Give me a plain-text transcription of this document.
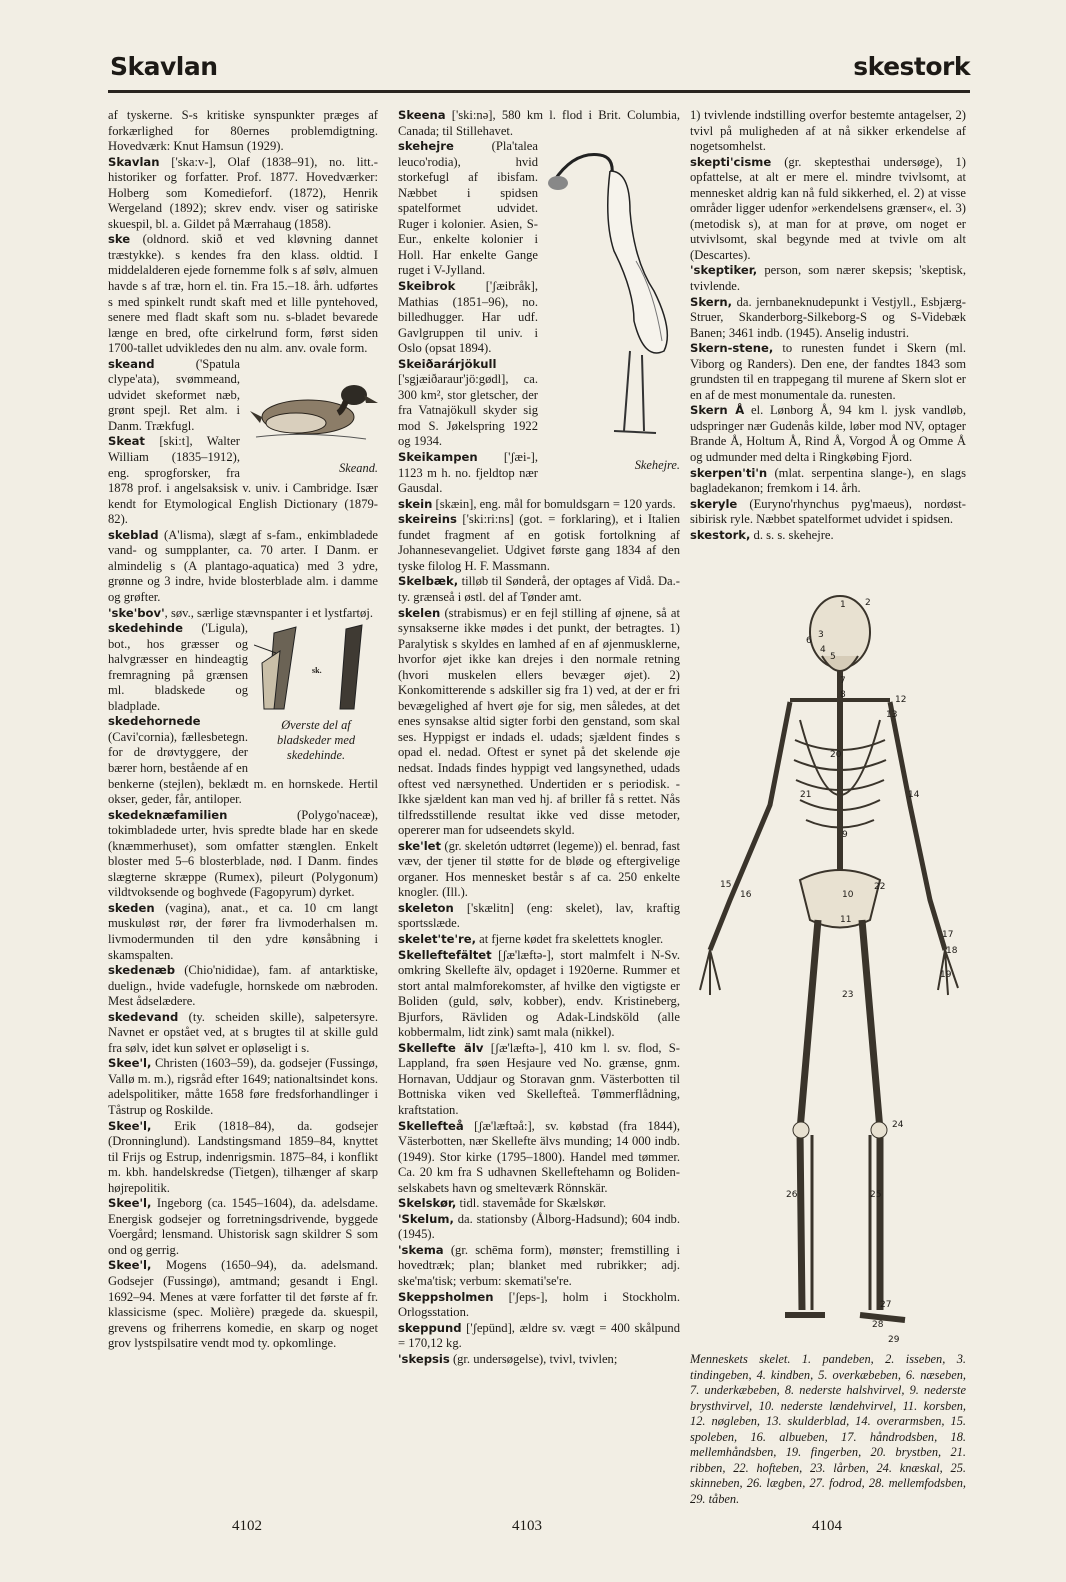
Skavlan	skestork

af tyskerne. S-s kritiske synspunkter præges af forkærlighed for 80ernes problemdigtning. Hovedværk: Knut Hamsun (1929).

Skavlan ['ska:v-], Olaf (1838–91), no. litt.-historiker og forfatter. Prof. 1877. Hovedværker: Holberg som Komedieforf. (1872), Henrik Wergeland (1892); skrev endv. viser og satiriske skuespil, bl. a. Gildet på Mærrahaug (1858).

ske (oldnord. skið et ved kløvning dannet træstykke). s kendes fra den klass. oldtid. I middelalderen ejede fornemme folk s af sølv, almuen havde s af træ, horn el. tin. Fra 15.–18. årh. udførtes s med spinkelt rundt skaft med et lille pyntehoved, senere med fladt skaft som nu. s-bladet bevarede længe en bred, ofte cirkelrund form, først siden 1700-tallet udvikledes den nu alm. anv. ovale form.

Skeand.

skeand ('Spatula clype'ata), svømmeand, udvidet skeformet næb, grønt spejl. Ret alm. i Danm. Trækfugl.

Skeat [ski:t], Walter William (1835–1912), eng. sprogforsker, fra 1878 prof. i angelsaksisk v. univ. i Cambridge. Især kendt for Etymological English Dictionary (1879-82).

skeblad (A'lisma), slægt af s-fam., enkimbladede vand- og sumpplanter, ca. 70 arter. I Danm. er almindelig s (A plantago-aquatica) med 3 ydre, grønne og 3 indre, hvide blosterblade alm. i damme og grøfter.

'ske'bov', søv., særlige stævnspanter i et lystfartøj.

sk.
Øverste del af bladskeder med skedehinde.

skedehinde ('Ligula), bot., hos græsser og halvgræsser en hindeagtig fremragning på grænsen ml. bladskede og bladplade.

skedehornede (Cavi'cornia), fællesbetegn. for de drøvtyggere, der bærer horn, bestående af en benkerne (stejlen), beklædt m. en hornskede. Hertil okser, geder, får, antiloper.

skedeknæfamilien (Polygo'naceæ), tokimbladede urter, hvis spredte blade har en skede (knæmmerhuset), som omfatter stænglen. Enkelt bloster med 5–6 blosterblade, nød. I Danm. findes slægterne skræppe (Rumex), pileurt (Polygonum) vildtvoksende og boghvede (Fagopyrum) dyrket.

skeden (vagina), anat., et ca. 10 cm langt muskuløst rør, der fører fra livmoderhalsen m. livmodermunden til den ydre kønsåbning i skamspalten.

skedenæb (Chio'nididae), fam. af antarktiske, duelign., hvide vadefugle, hornskede om næbroden. Mest ådselædere.

skedevand (ty. scheiden skille), salpetersyre. Navnet er opstået ved, at s brugtes til at skille guld fra sølv, idet kun sølvet er opløseligt i s.

Skee'l, Christen (1603–59), da. godsejer (Fussingø, Vallø m. m.), rigsråd efter 1649; nationaltsindet kons. adelspolitiker, måtte 1658 føre fredsforhandlinger i Tåstrup og Roskilde.

Skee'l, Erik (1818–84), da. godsejer (Dronninglund). Landstingsmand 1859–84, knyttet til Frijs og Estrup, indenrigsmin. 1875–84, i konflikt m. kbh. handelskredse (Tietgen), tilhænger af skarp højrepolitik.

Skee'l, Ingeborg (ca. 1545–1604), da. adelsdame. Energisk godsejer og forretningsdrivende, byggede Voergård; lensmand. Uhistorisk sagn skildrer S som ond og gerrig.

Skee'l, Mogens (1650–94), da. adelsmand. Godsejer (Fussingø), amtmand; gesandt i Engl. 1692–94. Menes at være forfatter til det første af fr. klassicisme (spec. Molière) prægede da. skuespil, grevens og friherrens komedie, en skarp og noget grov lystspilsatire vendt mod ty. opkomlinge.

Skeena ['ski:nə], 580 km l. flod i Brit. Columbia, Canada; til Stillehavet.

Skehejre.

skehejre (Pla'talea leuco'rodia), hvid storkefugl af ibisfam. Næbbet i spidsen spatelformet udvidet. Ruger i kolonier. Asien, S-Eur., enkelte kolonier i Holl. Har enkelte Gange ruget i V-Jylland.

Skeibrok ['ʃæibråk], Mathias (1851–96), no. billedhugger. Har udf. Gavlgruppen til univ. i Oslo (opsat 1894).

Skeiðarárjökull ['sgjæiðaraur'jö:gødl], ca. 300 km², stor gletscher, der fra Vatnajökull skyder sig mod S. Jøkelspring 1922 og 1934.

Skeikampen ['ʃæi-], 1123 m h. no. fjeldtop nær Gausdal.

skein [skæin], eng. mål for bomuldsgarn = 120 yards.

skeireins ['ski:ri:ns] (got. = forklaring), et i Italien fundet fragment af en gotisk fortolkning af Johannesevangeliet. Udgivet første gang 1834 af den tyske filolog H. F. Massmann.

Skelbæk, tilløb til Sønderå, der optages af Vidå. Da.-ty. grænseå i østl. del af Tønder amt.

skelen (strabismus) er en fejl stilling af øjnene, så at synsakserne ikke mødes i det punkt, der betragtes. 1) Paralytisk s skyldes en lamhed af en af øjenmusklerne, hvorfor øjet ikke kan drejes i den normale retning (hvori muskelen ellers bevæger øjet). 2) Konkomitterende s adskiller sig fra 1) ved, at der er fri bevægelighed af hvert øje for sig, men således, at det enes synsakse altid sigter forbi den genstand, som skal ses. Hyppigst er indads el. udads; sjældent findes s opad el. nedad. Oftest er synet på det skelende øje nedsat. Indads findes hyppigt ved langsynethed, udads oftest ved nærsynethed. Undertiden er s periodisk. - Ikke sjældent kan man ved hj. af briller få s rettet. Nås tilfredsstillende resultat ikke ved disse metoder, opererer man for udseendets skyld.

ske'let (gr. skeletón udtørret (legeme)) el. benrad, fast væv, der tjener til støtte for de bløde og eftergivelige organer. Hos mennesket består s af ca. 250 enkelte knogler. (Ill.).

skeleton ['skælitn] (eng: skelet), lav, kraftig sportsslæde.

skelet'te're, at fjerne kødet fra skelettets knogler.

Skelleftefältet [ʃæ'læftə-], stort malmfelt i N-Sv. omkring Skellefte älv, opdaget i 1920erne. Rummer et stort antal malmforekomster, af hvilke den vigtigste er Boliden (guld, sølv, kobber), endv. Kristineberg, Bjurfors, Rävliden og Adak-Lindsköld (alle kobbermalm, lidt zink) samt mala (nikkel).

Skellefte älv [ʃæ'læftə-], 410 km l. sv. flod, S-Lappland, fra søen Hesjaure ved No. grænse, gnm. Hornavan, Uddjaur og Storavan gnm. Västerbotten til Bottniska viken ved Skellefteå. Tømmerflådning, kraftstation.

Skellefteå [ʃæ'læftəå:], sv. købstad (fra 1844), Västerbotten, nær Skellefte älvs munding; 14 000 indb. (1949). Stor kirke (1795–1800). Handel med tømmer. Ca. 20 km fra S udhavnen Skelleftehamn og Boliden-selskabets havn og smelteværk Rönnskär.

Skelskør, tidl. stavemåde for Skælskør.

'Skelum, da. stationsby (Ålborg-Hadsund); 604 indb. (1945).

'skema (gr. schēma form), mønster; fremstilling i hovedtræk; plan; blanket med rubrikker; adj. ske'ma'tisk; verbum: skemati'se're.

Skeppsholmen ['ʃeps-], holm i Stockholm. Orlogsstation.

skeppund ['ʃepünd], ældre sv. vægt = 400 skålpund = 170,12 kg.

'skepsis (gr. undersøgelse), tvivl, tvivlen;

1) tvivlende indstilling overfor bestemte antagelser, 2) tvivl på muligheden af at nå sikker erkendelse af nogetsomhelst.

skepti'cisme (gr. skeptesthai undersøge), 1) opfattelse, at alt er mere el. mindre tvivlsomt, at mennesket aldrig kan nå fuld sikkerhed, el. 2) at visse områder ligger udenfor »erkendelsens grænser«, el. 3) (metodisk s), at man for at prøve, om noget er utvivlsomt, skal begynde med at tvivle om alt (Descartes).

'skeptiker, person, som nærer skepsis; 'skeptisk, tvivlende.

Skern, da. jernbaneknudepunkt i Vestjyll., Esbjærg-Struer, Skanderborg-Silkeborg-S og S-Videbæk Banen; 3461 indb. (1945). Anselig industri.

Skern-stene, to runesten fundet i Skern (ml. Viborg og Randers). Den ene, der fandtes 1843 som grundsten til en trappegang til murene af Skern slot er en af de mest monumentale da. runesten.

Skern Å el. Lønborg Å, 94 km l. jysk vandløb, udspringer nær Gudenås kilde, løber mod NV, optager Brande Å, Holtum Å, Rind Å, Vorgod Å og Omme Å og udmunder med delta i Ringkøbing Fjord.

skerpen'ti'n (mlat. serpentina slange-), en slags bagladekanon; fremkom i 14. årh.

skeryle (Euryno'rhynchus pyg'maeus), nordøst-sibirisk ryle. Næbbet spatelformet udvidet i spidsen.

skestork, d. s. s. skehejre.

1 2
3
4
5
6
7
8
9
10
11
12
13
14
15
16
17
18
19
20
21
22
23
24
25
26
27
28
29
Menneskets skelet. 1. pandeben, 2. isseben, 3. tindingeben, 4. kindben, 5. overkæbeben, 6. næseben, 7. underkæbeben, 8. nederste halshvirvel, 9. nederste brysthvirvel, 10. nederste lændehvirvel, 11. korsben, 12. nøgleben, 13. skulderblad, 14. overarmsben, 15. spoleben, 16. albueben, 17. håndrodsben, 18. mellemhåndsben, 19. fingerben, 20. brystben, 21. ribben, 22. hofteben, 23. lårben, 24. knæskal, 25. skinneben, 26. lægben, 27. fodrod, 28. mellemfodsben, 29. tåben.
4102	4103	4104
